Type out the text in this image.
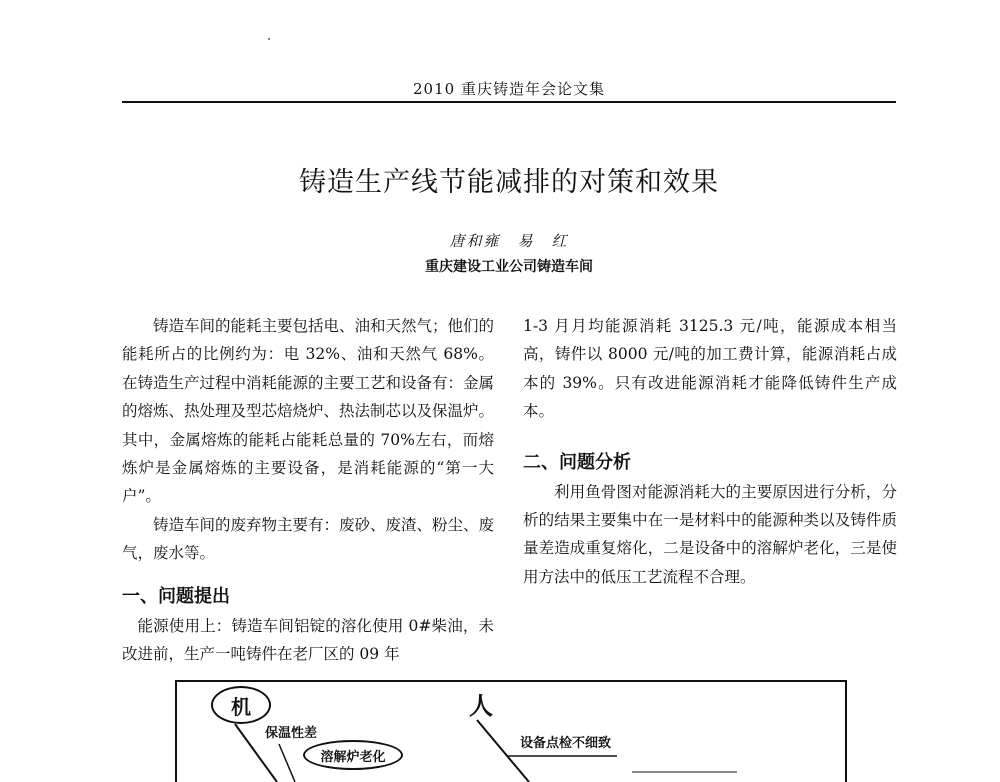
2010 重庆铸造年会论文集
铸造生产线节能减排的对策和效果
唐和雍　易　红
重庆建设工业公司铸造车间

铸造车间的能耗主要包括电、油和天然气；他们的能耗所占的比例约为：电 32%、油和天然气 68%。在铸造生产过程中消耗能源的主要工艺和设备有：金属的熔炼、热处理及型芯焙烧炉、热法制芯以及保温炉。其中，金属熔炼的能耗占能耗总量的 70%左右，而熔炼炉是金属熔炼的主要设备，是消耗能源的“第一大户”。

铸造车间的废弃物主要有：废砂、废渣、粉尘、废气，废水等。

一、问题提出

能源使用上：铸造车间铝锭的溶化使用 0#柴油，未改进前，生产一吨铸件在老厂区的 09 年

1-3 月月均能源消耗 3125.3 元/吨，能源成本相当高，铸件以 8000 元/吨的加工费计算，能源消耗占成本的 39%。只有改进能源消耗才能降低铸件生产成本。

二、问题分析

利用鱼骨图对能源消耗大的主要原因进行分析，分析的结果主要集中在一是材料中的能源种类以及铸件质量差造成重复熔化，二是设备中的溶解炉老化，三是使用方法中的低压工艺流程不合理。

机	人
保温性差
溶解炉老化
设备点检不细致
